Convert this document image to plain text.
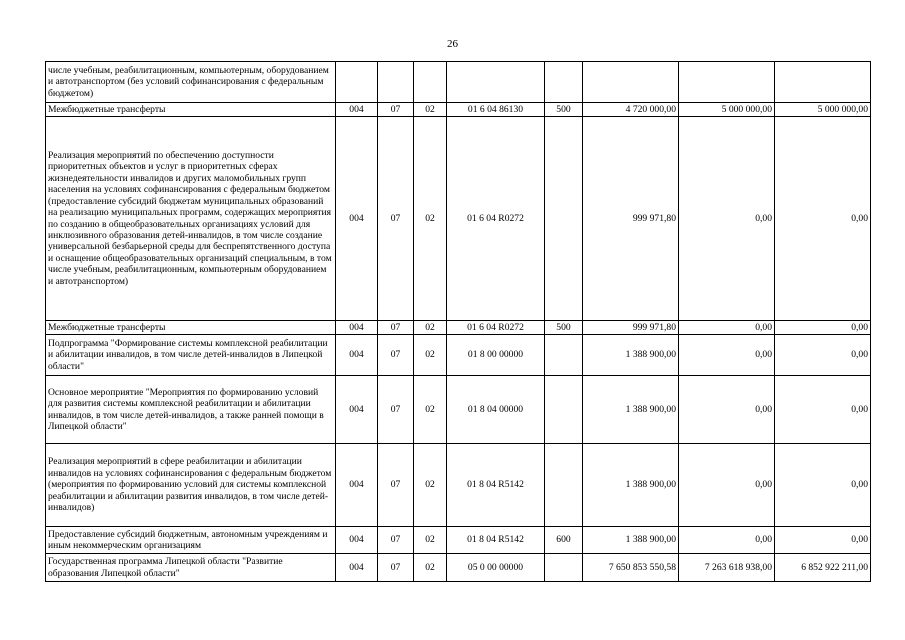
26
числе учебным, реабилитационным, компьютерным, оборудованием и автотранспортом (без условий софинансирования с федеральным бюджетом)								
Межбюджетные трансферты	004	07	02	01 6 04 86130	500	4 720 000,00	5 000 000,00	5 000 000,00
Реализация мероприятий по обеспечению доступности приоритетных объектов и услуг в приоритетных сферах жизнедеятельности инвалидов и других маломобильных групп населения на условиях софинансирования с федеральным бюджетом (предоставление субсидий бюджетам муниципальных образований на реализацию муниципальных программ, содержащих мероприятия по созданию в общеобразовательных организациях условий для инклюзивного образования детей-инвалидов, в том числе создание универсальной безбарьерной среды для беспрепятственного доступа и оснащение общеобразовательных организаций специальным, в том числе учебным, реабилитационным, компьютерным оборудованием и автотранспортом)	004	07	02	01 6 04 R0272		999 971,80	0,00	0,00
Межбюджетные трансферты	004	07	02	01 6 04 R0272	500	999 971,80	0,00	0,00
Подпрограмма "Формирование системы комплексной реабилитации и абилитации инвалидов, в том числе детей-инвалидов в Липецкой области"	004	07	02	01 8 00 00000		1 388 900,00	0,00	0,00
Основное мероприятие "Мероприятия по формированию условий для развития системы комплексной реабилитации и абилитации инвалидов, в том числе детей-инвалидов, а также ранней помощи в Липецкой области"	004	07	02	01 8 04 00000		1 388 900,00	0,00	0,00
Реализация мероприятий в сфере реабилитации и абилитации инвалидов на условиях софинансирования с федеральным бюджетом (мероприятия по формированию условий для системы комплексной реабилитации и абилитации развития инвалидов, в том числе детей-инвалидов)	004	07	02	01 8 04 R5142		1 388 900,00	0,00	0,00
Предоставление субсидий бюджетным, автономным учреждениям и иным некоммерческим организациям	004	07	02	01 8 04 R5142	600	1 388 900,00	0,00	0,00
Государственная программа Липецкой области "Развитие образования Липецкой области"	004	07	02	05 0 00 00000		7 650 853 550,58	7 263 618 938,00	6 852 922 211,00
